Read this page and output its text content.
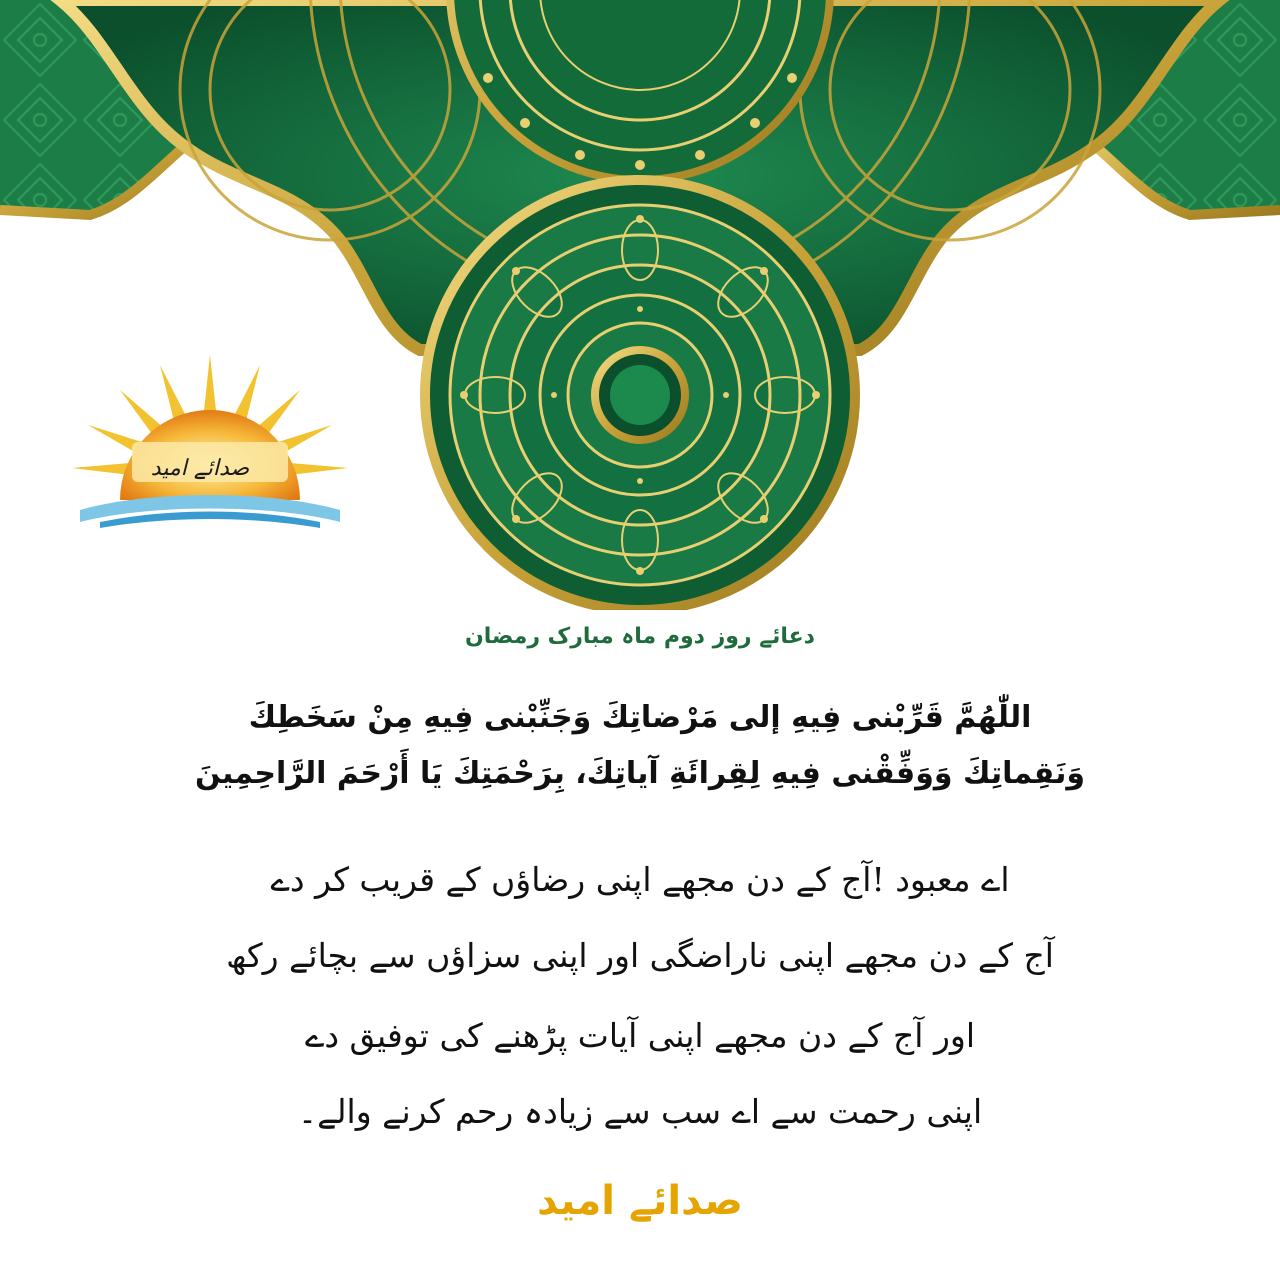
صدائے امید
دعائے روز دوم ماہ مبارک رمضان
اللّٰهُمَّ قَرِّبْنی فِیهِ إلی مَرْضاتِكَ وَجَنِّبْنی فِیهِ مِنْ سَخَطِكَ
وَنَقِماتِكَ وَوَفِّقْنی فِیهِ لِقِرائَةِ آیاتِكَ، بِرَحْمَتِكَ یَا أَرْحَمَ الرَّاحِمِینَ
اے معبود !آج کے دن مجھے اپنی رضاؤں کے قریب کر دے
آج کے دن مجھے اپنی ناراضگی اور اپنی سزاؤں سے بچائے رکھ
اور آج کے دن مجھے اپنی آیات پڑھنے کی توفیق دے
اپنی رحمت سے اے سب سے زیادہ رحم کرنے والے۔
صدائے امید
